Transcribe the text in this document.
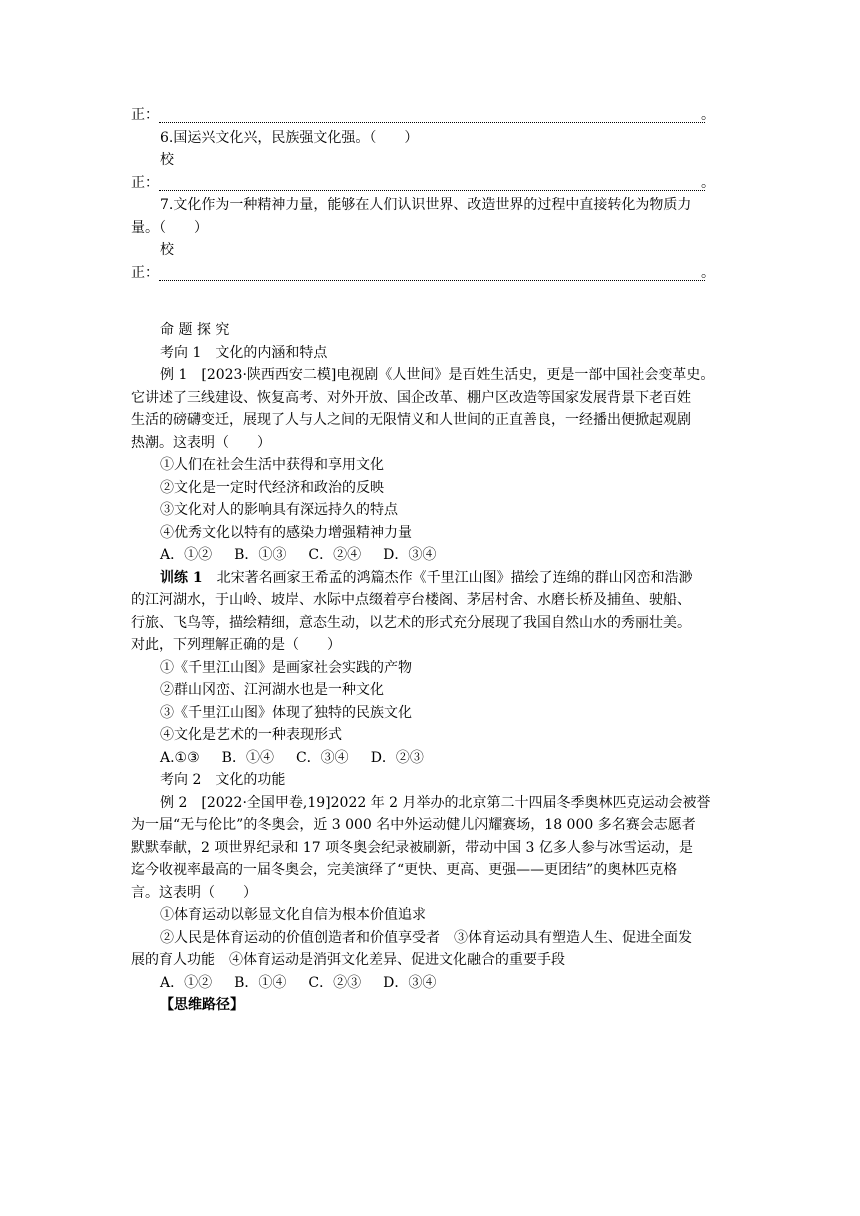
正：	。
6.国运兴文化兴，民族强文化强。（　　）
校
正：	。
7.文化作为一种精神力量，能够在人们认识世界、改造世界的过程中直接转化为物质力
量。（　　）
校
正：	。
命 题 探 究
考向 1　文化的内涵和特点
例 1　[2023·陕西西安二模]电视剧《人世间》是百姓生活史，更是一部中国社会变革史。
它讲述了三线建设、恢复高考、对外开放、国企改革、棚户区改造等国家发展背景下老百姓
生活的磅礴变迁，展现了人与人之间的无限情义和人世间的正直善良，一经播出便掀起观剧
热潮。这表明（　　）
①人们在社会生活中获得和享用文化
②文化是一定时代经济和政治的反映
③文化对人的影响具有深远持久的特点
④优秀文化以特有的感染力增强精神力量
A．①② B．①③ C．②④ D．③④
训练 1　北宋著名画家王希孟的鸿篇杰作《千里江山图》描绘了连绵的群山冈峦和浩渺
的江河湖水，于山岭、坡岸、水际中点缀着亭台楼阁、茅居村舍、水磨长桥及捕鱼、驶船、
行旅、飞鸟等，描绘精细，意态生动，以艺术的形式充分展现了我国自然山水的秀丽壮美。
对此，下列理解正确的是（　　）
①《千里江山图》是画家社会实践的产物
②群山冈峦、江河湖水也是一种文化
③《千里江山图》体现了独特的民族文化
④文化是艺术的一种表现形式
A.①③ B．①④ C．③④ D．②③
考向 2　文化的功能
例 2　[2022·全国甲卷,19]2022 年 2 月举办的北京第二十四届冬季奥林匹克运动会被誉
为一届“无与伦比”的冬奥会，近 3 000 名中外运动健儿闪耀赛场，18 000 多名赛会志愿者
默默奉献，2 项世界纪录和 17 项冬奥会纪录被刷新，带动中国 3 亿多人参与冰雪运动，是
迄今收视率最高的一届冬奥会，完美演绎了“更快、更高、更强——更团结”的奥林匹克格
言。这表明（　　）
①体育运动以彰显文化自信为根本价值追求
②人民是体育运动的价值创造者和价值享受者　③体育运动具有塑造人生、促进全面发
展的育人功能　④体育运动是消弭文化差异、促进文化融合的重要手段
A．①② B．①④ C．②③ D．③④
【思维路径】
